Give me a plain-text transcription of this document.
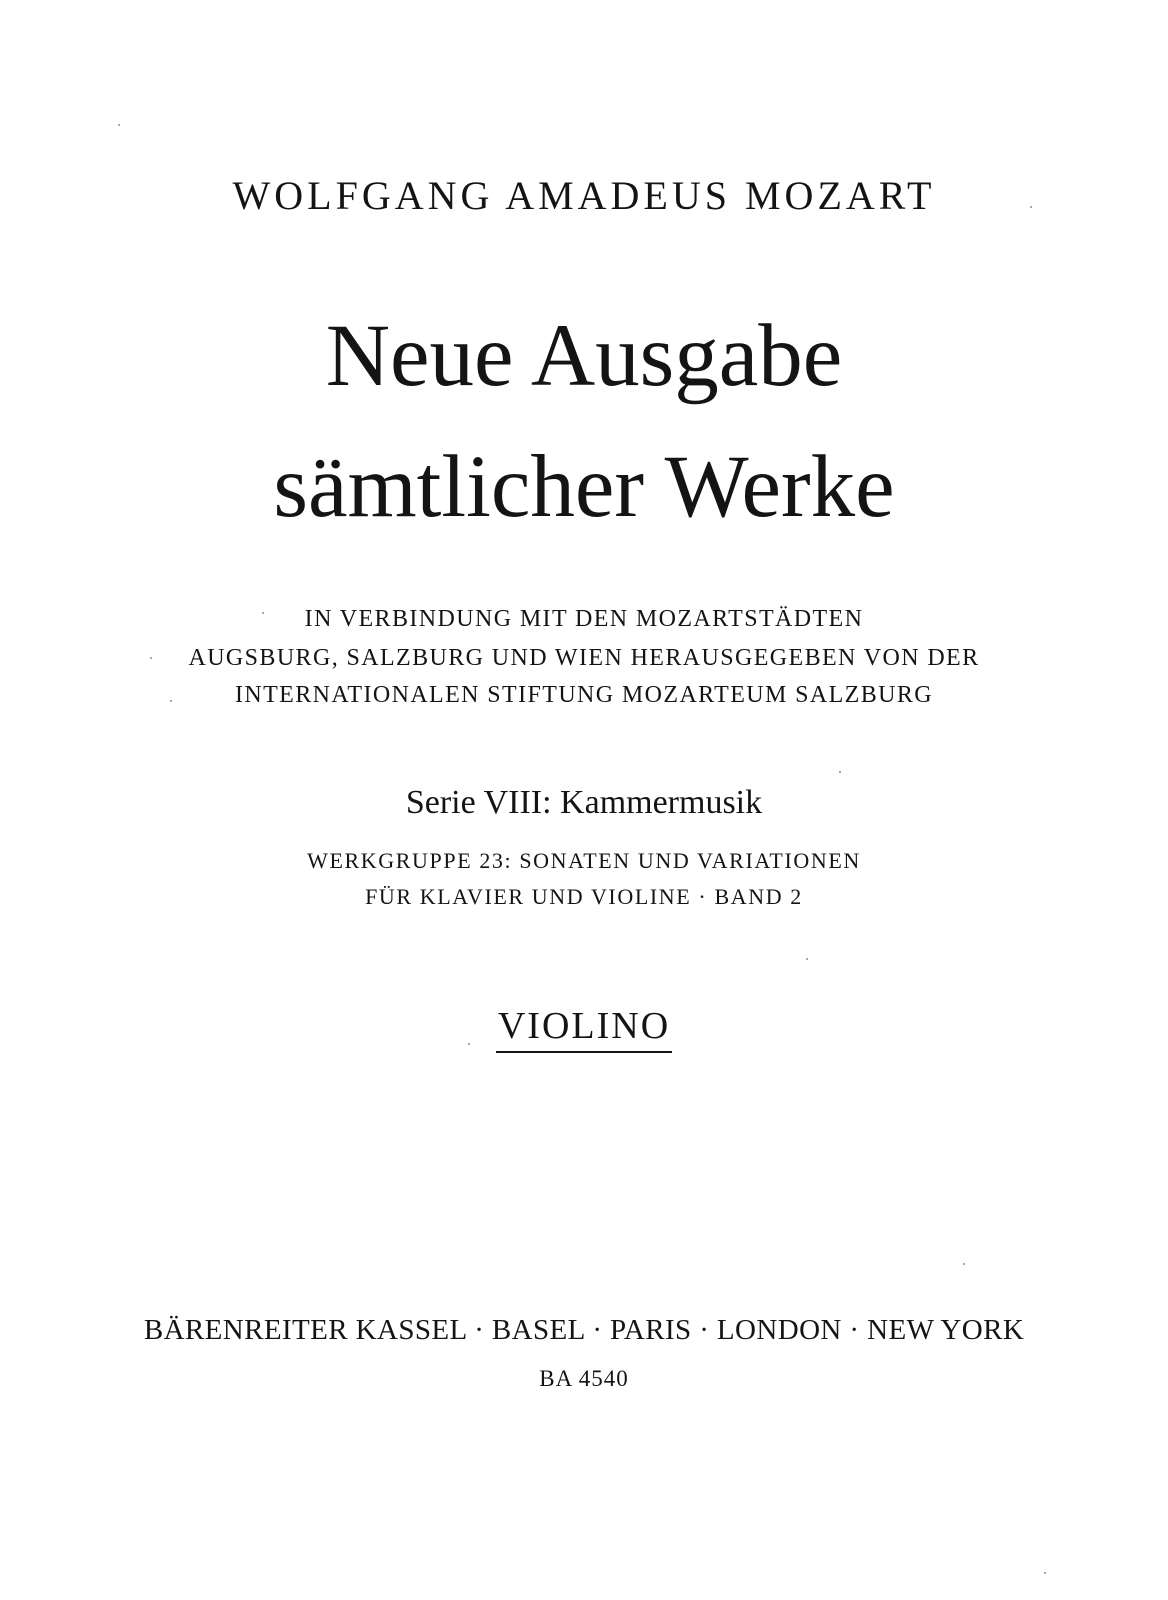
WOLFGANG AMADEUS MOZART
Neue Ausgabe
sämtlicher Werke
IN VERBINDUNG MIT DEN MOZARTSTÄDTEN
AUGSBURG, SALZBURG UND WIEN HERAUSGEGEBEN VON DER
INTERNATIONALEN STIFTUNG MOZARTEUM SALZBURG
Serie VIII: Kammermusik
WERKGRUPPE 23: SONATEN UND VARIATIONEN
FÜR KLAVIER UND VIOLINE · BAND 2
VIOLINO
BÄRENREITER KASSEL · BASEL · PARIS · LONDON · NEW YORK
BA 4540
